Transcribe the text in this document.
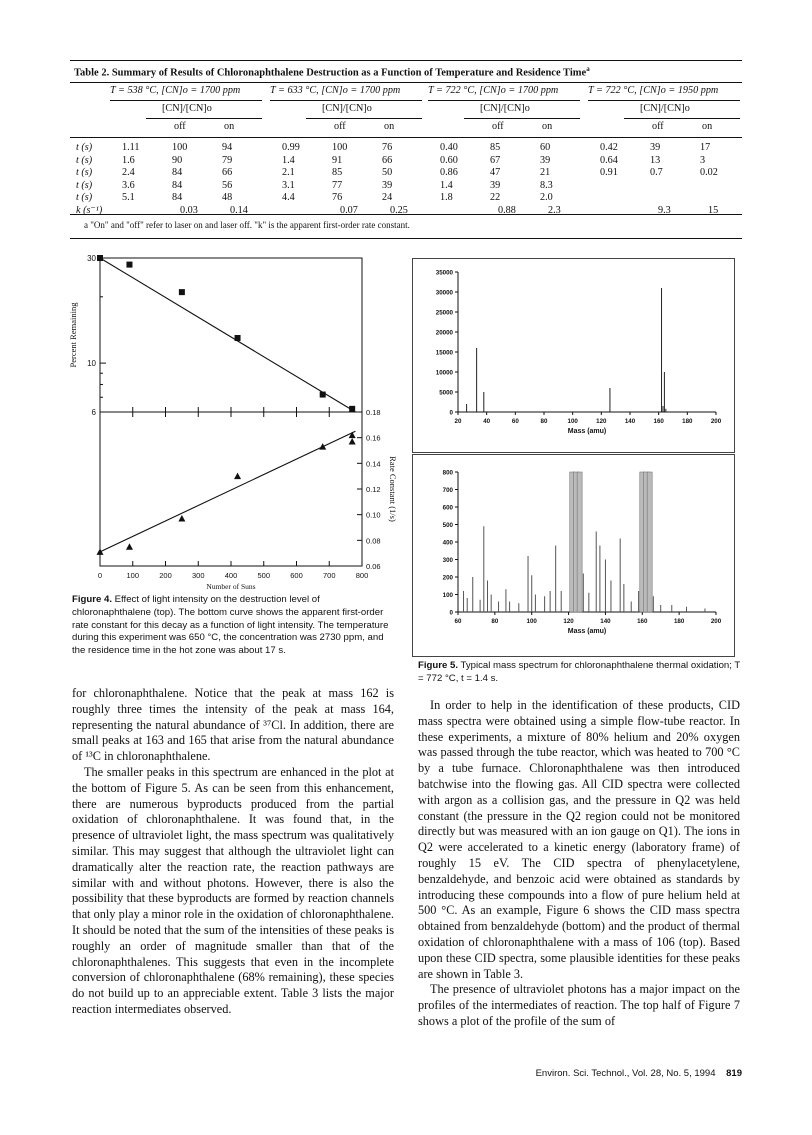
Table 2. Summary of Results of Chloronaphthalene Destruction as a Function of Temperature and Residence Time$^a$
T = 538 °C, [CN]o = 1700 ppm
[CN]/[CN]o
T = 633 °C, [CN]o = 1700 ppm
[CN]/[CN]o
T = 722 °C, [CN]o = 1700 ppm
[CN]/[CN]o
T = 722 °C, [CN]o = 1950 ppm
[CN]/[CN]o
off	on	off	on	off	on	off	on
t (s)	1.11	100	94	0.99	100	76	0.40	85	60	0.42	39	17
t (s)	1.6	90	79	1.4	91	66	0.60	67	39	0.64	13	3
t (s)	2.4	84	66	2.1	85	50	0.86	47	21	0.91	0.7	0.02
t (s)	3.6	84	56	3.1	77	39	1.4	39	8.3
t (s)	5.1	84	48	4.4	76	24	1.8	22	2.0
k (s⁻¹)	0.03	0.14	0.07	0.25	0.88	2.3	9.3	15
a "On" and "off" refer to laser on and laser off. "k" is the apparent first-order rate constant.
30
10
6
0	100	200	300	400	500	600	700	800
0.18
0.16
0.14
0.12
0.10
0.08
0.06
Number of Suns
Percent Remaining
Rate Constant (1/s)
Figure 4. Effect of light intensity on the destruction level of chloronaphthalene (top). The bottom curve shows the apparent first-order rate constant for this decay as a function of light intensity. The temperature during this experiment was 650 °C, the concentration was 2730 ppm, and the residence time in the hot zone was about 17 s.
35000
30000
25000
20000
15000
10000
5000
0
20	40	60	80	100	120	140	160	180	200
Mass (amu)
800
700
600
500
400
300
200
100
0
60	80	100	120	140	160	180	200
Mass (amu)
Figure 5. Typical mass spectrum for chloronaphthalene thermal oxidation; T = 772 °C, t = 1.4 s.

for chloronaphthalene. Notice that the peak at mass 162 is roughly three times the intensity of the peak at mass 164, representing the natural abundance of ³⁷Cl. In addition, there are small peaks at 163 and 165 that arise from the natural abundance of ¹³C in chloronaphthalene.

The smaller peaks in this spectrum are enhanced in the plot at the bottom of Figure 5. As can be seen from this enhancement, there are numerous byproducts produced from the partial oxidation of chloronaphthalene. It was found that, in the presence of ultraviolet light, the mass spectrum was qualitatively similar. This may suggest that although the ultraviolet light can dramatically alter the reaction rate, the reaction pathways are similar with and without photons. However, there is also the possibility that these byproducts are formed by reaction channels that only play a minor role in the oxidation of chloronaphthalene. It should be noted that the sum of the intensities of these peaks is roughly an order of magnitude smaller than that of the chloronaphthalenes. This suggests that even in the incomplete conversion of chloronaphthalene (68% remaining), these species do not build up to an appreciable extent. Table 3 lists the major reaction intermediates observed.

In order to help in the identification of these products, CID mass spectra were obtained using a simple flow-tube reactor. In these experiments, a mixture of 80% helium and 20% oxygen was passed through the tube reactor, which was heated to 700 °C by a tube furnace. Chloronaphthalene was then introduced batchwise into the flowing gas. All CID spectra were collected with argon as a collision gas, and the pressure in Q2 was held constant (the pressure in the Q2 region could not be monitored directly but was measured with an ion gauge on Q1). The ions in Q2 were accelerated to a kinetic energy (laboratory frame) of roughly 15 eV. The CID spectra of phenylacetylene, benzaldehyde, and benzoic acid were obtained as standards by introducing these compounds into a flow of pure helium held at 500 °C. As an example, Figure 6 shows the CID mass spectra obtained from benzaldehyde (bottom) and the product of thermal oxidation of chloronaphthalene with a mass of 106 (top). Based upon these CID spectra, some plausible identities for these peaks are shown in Table 3.

The presence of ultraviolet photons has a major impact on the profiles of the intermediates of reaction. The top half of Figure 7 shows a plot of the profile of the sum of

Environ. Sci. Technol., Vol. 28, No. 5, 1994 819
